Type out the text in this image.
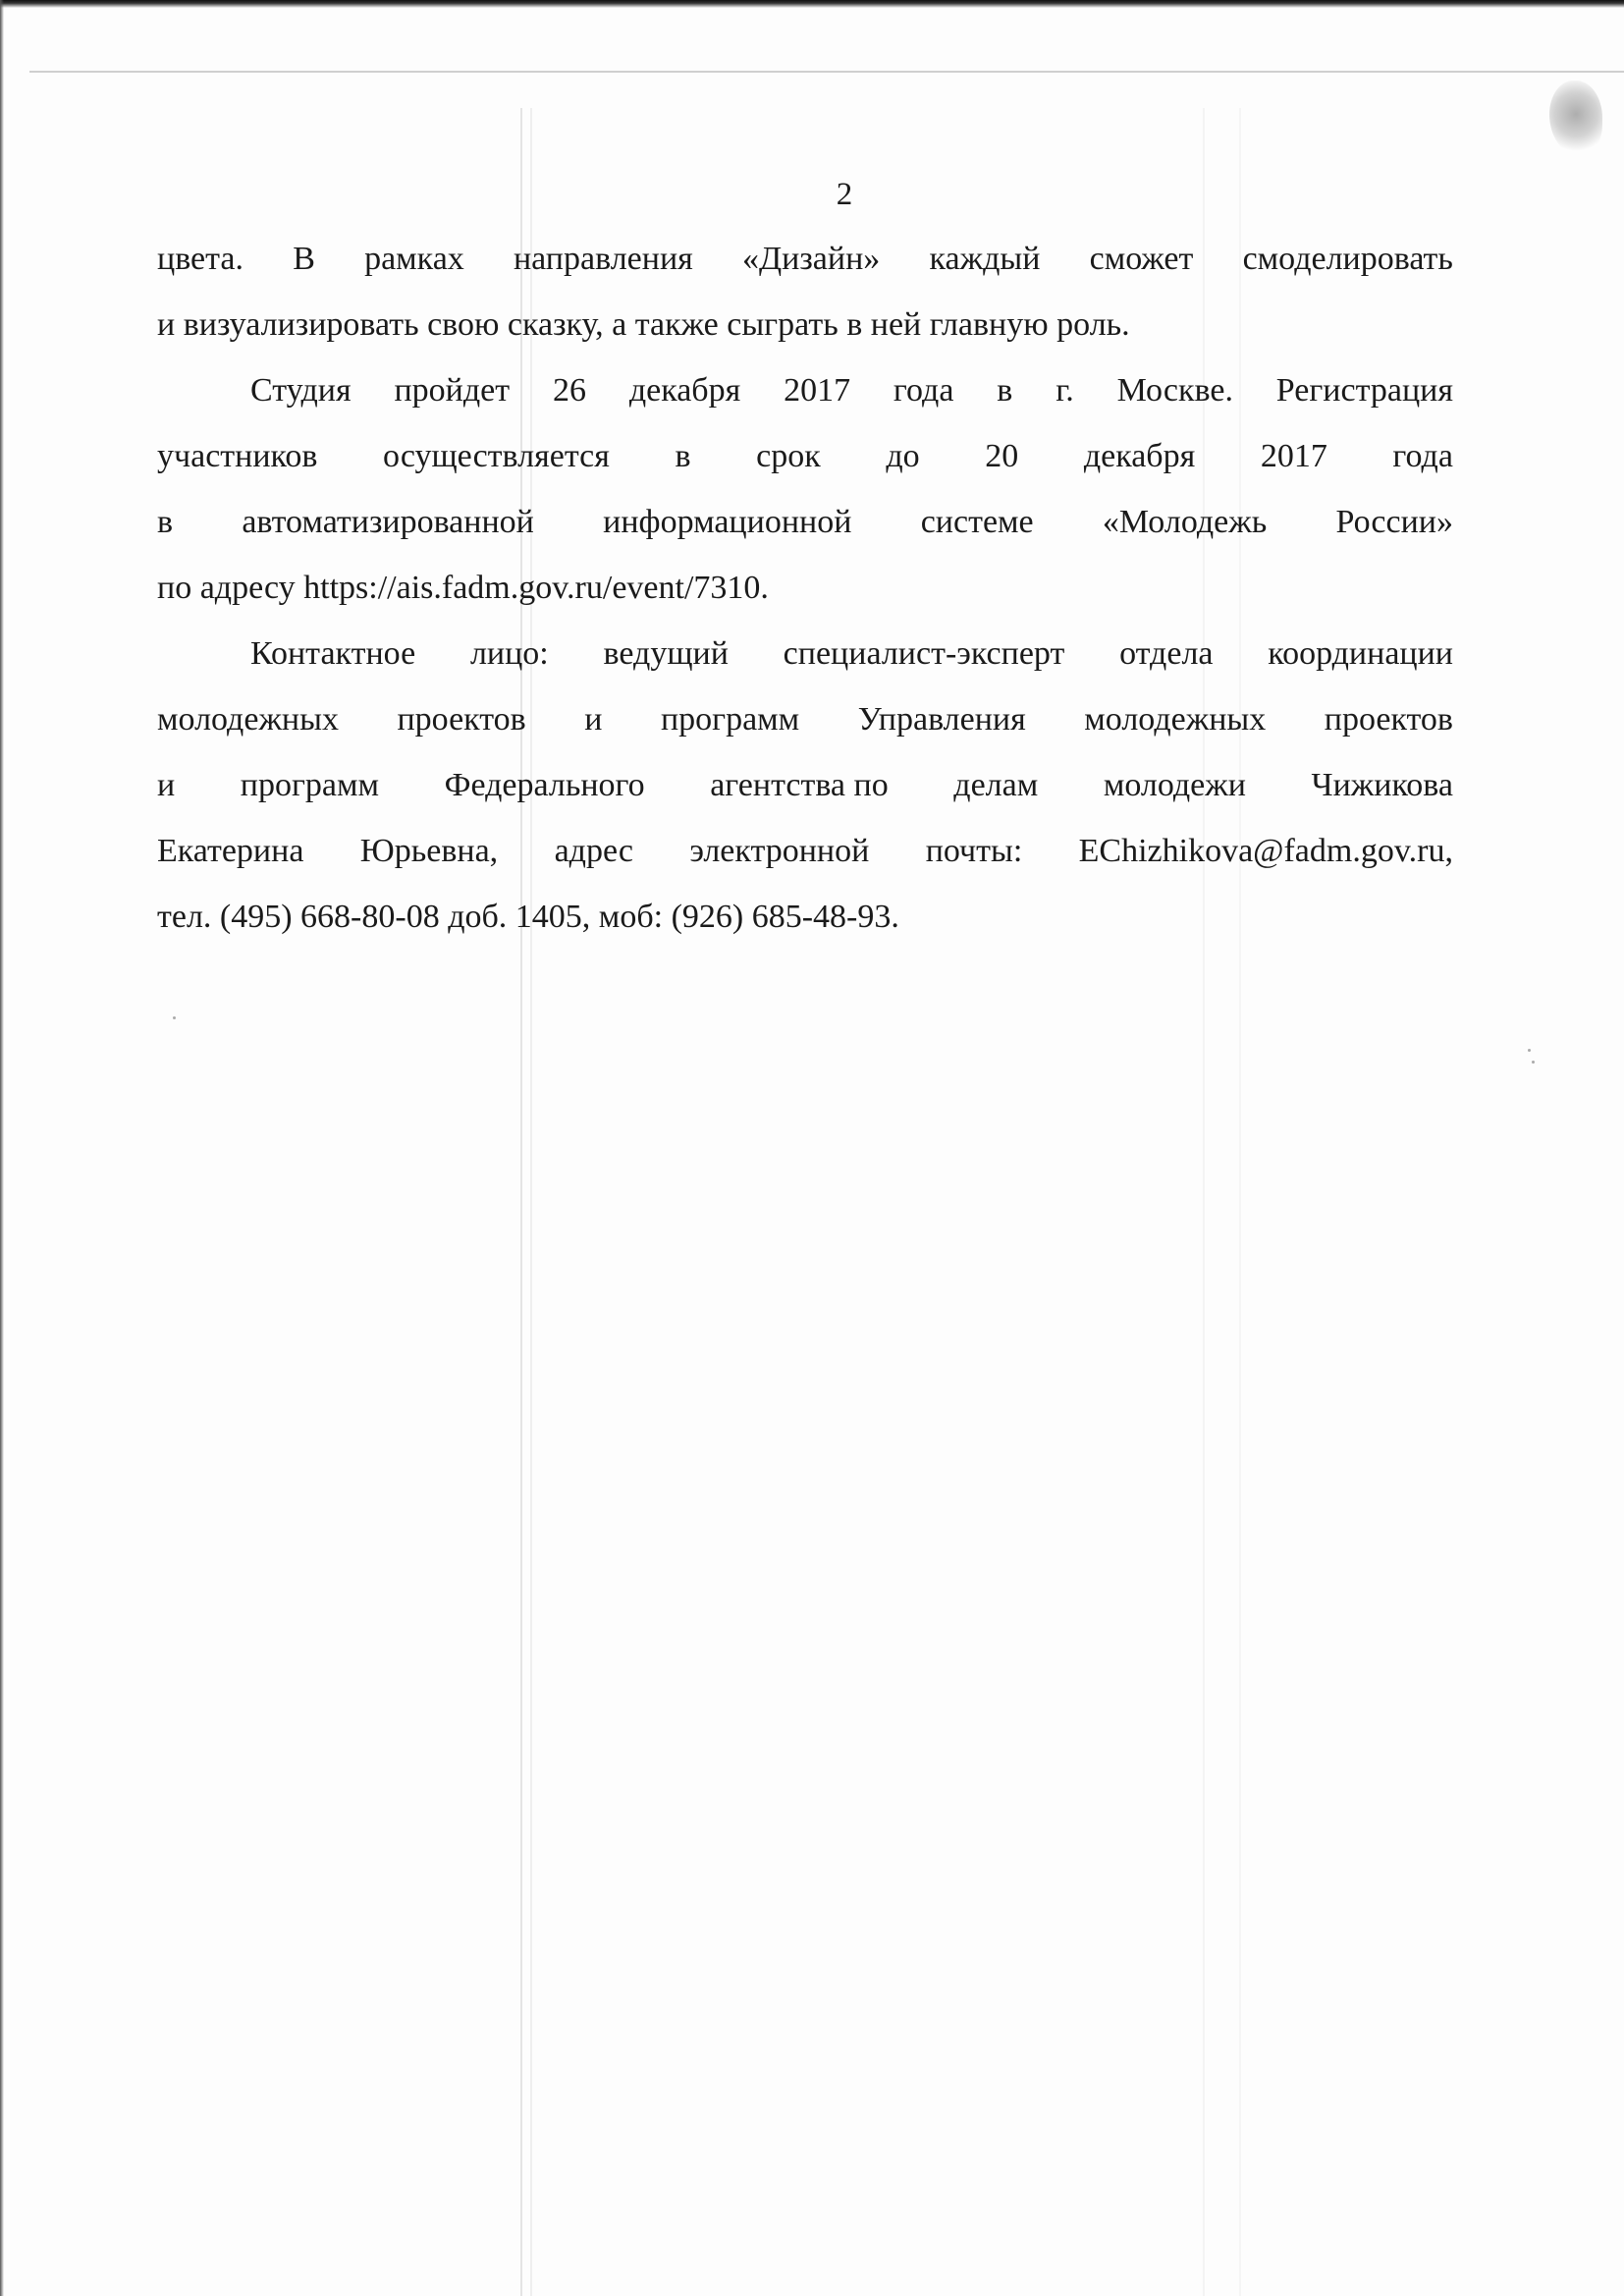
2
цвета. В рамках направления «Дизайн» каждый сможет смоделировать
и визуализировать свою сказку, а также сыграть в ней главную роль.
Студия пройдет 26 декабря 2017 года в г. Москве. Регистрация
участников осуществляется в срок до 20 декабря 2017 года
в автоматизированной информационной системе «Молодежь России»
по адресу https://ais.fadm.gov.ru/event/7310.
Контактное лицо: ведущий специалист-эксперт отдела координации
молодежных проектов и программ Управления молодежных проектов
и программ Федерального агентства по делам молодежи Чижикова
Екатерина Юрьевна, адрес электронной почты: EChizhikova@fadm.gov.ru,
тел. (495) 668-80-08 доб. 1405, моб: (926) 685-48-93.
